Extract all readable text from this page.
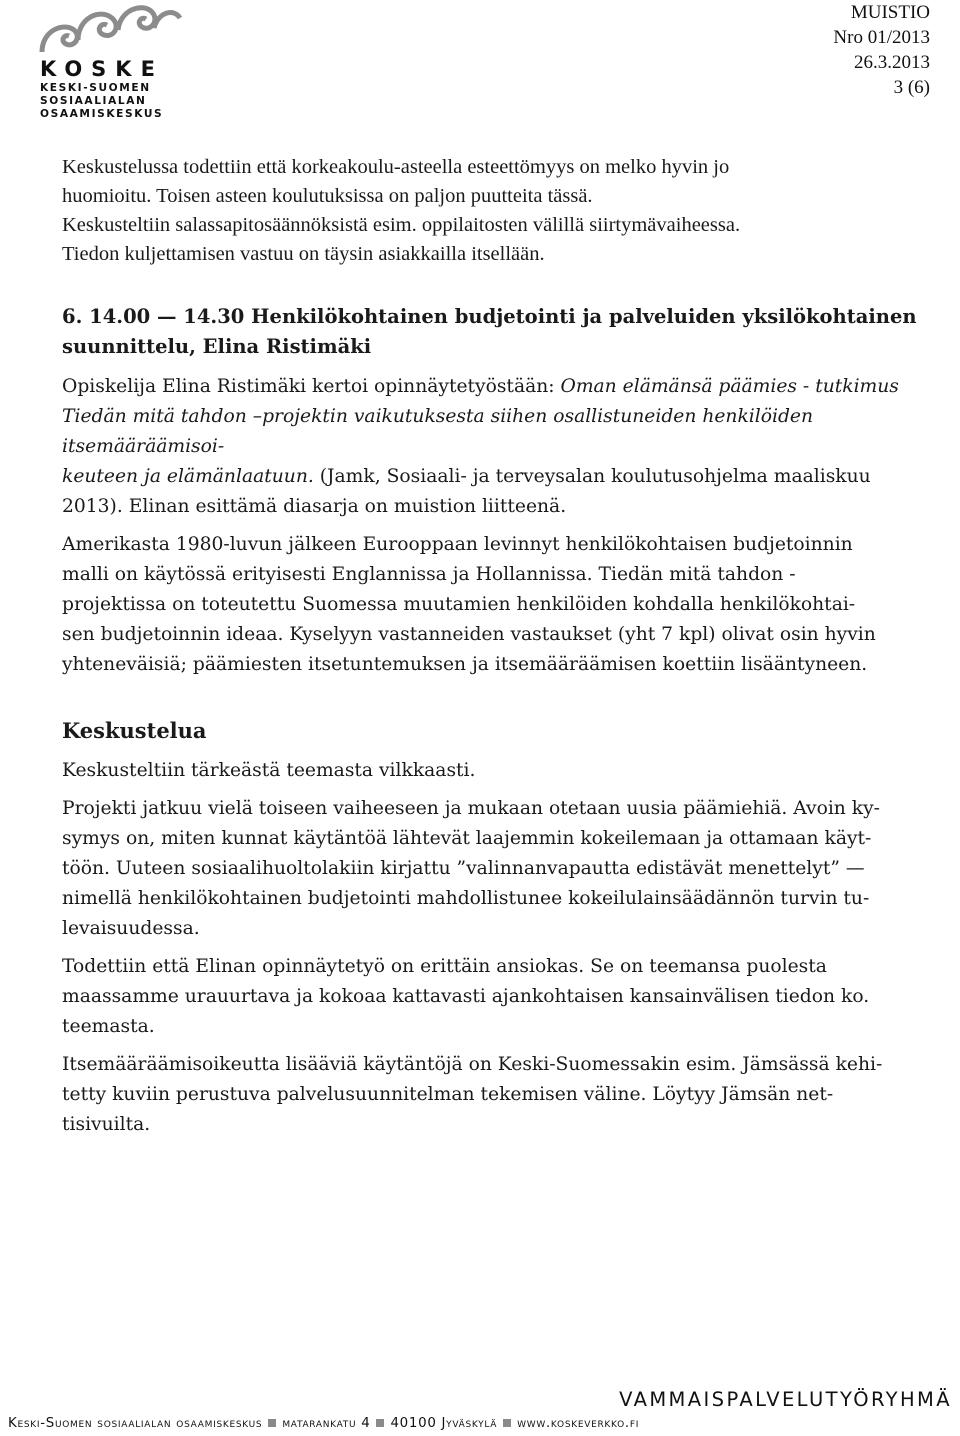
KOSKE
KESKI-SUOMEN
SOSIAALIALAN
OSAAMISKESKUS
MUISTIO
Nro 01/2013
26.3.2013
3 (6)

Keskustelussa todettiin että korkeakoulu-asteella esteettömyys on melko hyvin jo
huomioitu. Toisen asteen koulutuksissa on paljon puutteita tässä.

Keskusteltiin salassapitosäännöksistä esim. oppilaitosten välillä siirtymävaiheessa.
Tiedon kuljettamisen vastuu on täysin asiakkailla itsellään.

6. 14.00 — 14.30 Henkilökohtainen budjetointi ja palveluiden yksilökohtainen
suunnittelu, Elina Ristimäki

Opiskelija Elina Ristimäki kertoi opinnäytetyöstään: Oman elämänsä päämies - tutkimus
Tiedän mitä tahdon –projektin vaikutuksesta siihen osallistuneiden henkilöiden itsemääräämisoi-
keuteen ja elämänlaatuun. (Jamk, Sosiaali- ja terveysalan koulutusohjelma maaliskuu
2013). Elinan esittämä diasarja on muistion liitteenä.

Amerikasta 1980-luvun jälkeen Eurooppaan levinnyt henkilökohtaisen budjetoinnin
malli on käytössä erityisesti Englannissa ja Hollannissa. Tiedän mitä tahdon -
projektissa on toteutettu Suomessa muutamien henkilöiden kohdalla henkilökohtai-
sen budjetoinnin ideaa. Kyselyyn vastanneiden vastaukset (yht 7 kpl) olivat osin hyvin
yhteneväisiä; päämiesten itsetuntemuksen ja itsemääräämisen koettiin lisääntyneen.

Keskustelua

Keskusteltiin tärkeästä teemasta vilkkaasti.

Projekti jatkuu vielä toiseen vaiheeseen ja mukaan otetaan uusia päämiehiä. Avoin ky-
symys on, miten kunnat käytäntöä lähtevät laajemmin kokeilemaan ja ottamaan käyt-
töön. Uuteen sosiaalihuoltolakiin kirjattu ”valinnanvapautta edistävät menettelyt” —
nimellä henkilökohtainen budjetointi mahdollistunee kokeilulainsäädännön turvin tu-
levaisuudessa.

Todettiin että Elinan opinnäytetyö on erittäin ansiokas. Se on teemansa puolesta
maassamme urauurtava ja kokoaa kattavasti ajankohtaisen kansainvälisen tiedon ko.
teemasta.

Itsemääräämisoikeutta lisääviä käytäntöjä on Keski-Suomessakin esim. Jämsässä kehi-
tetty kuviin perustuva palvelusuunnitelman tekemisen väline. Löytyy Jämsän net-
tisivuilta.

VAMMAISPALVELUTYÖRYHMÄ
Keski-Suomen sosiaalialan osaamiskeskus matarankatu 4 40100 Jyväskylä www.koskeverkko.fi
